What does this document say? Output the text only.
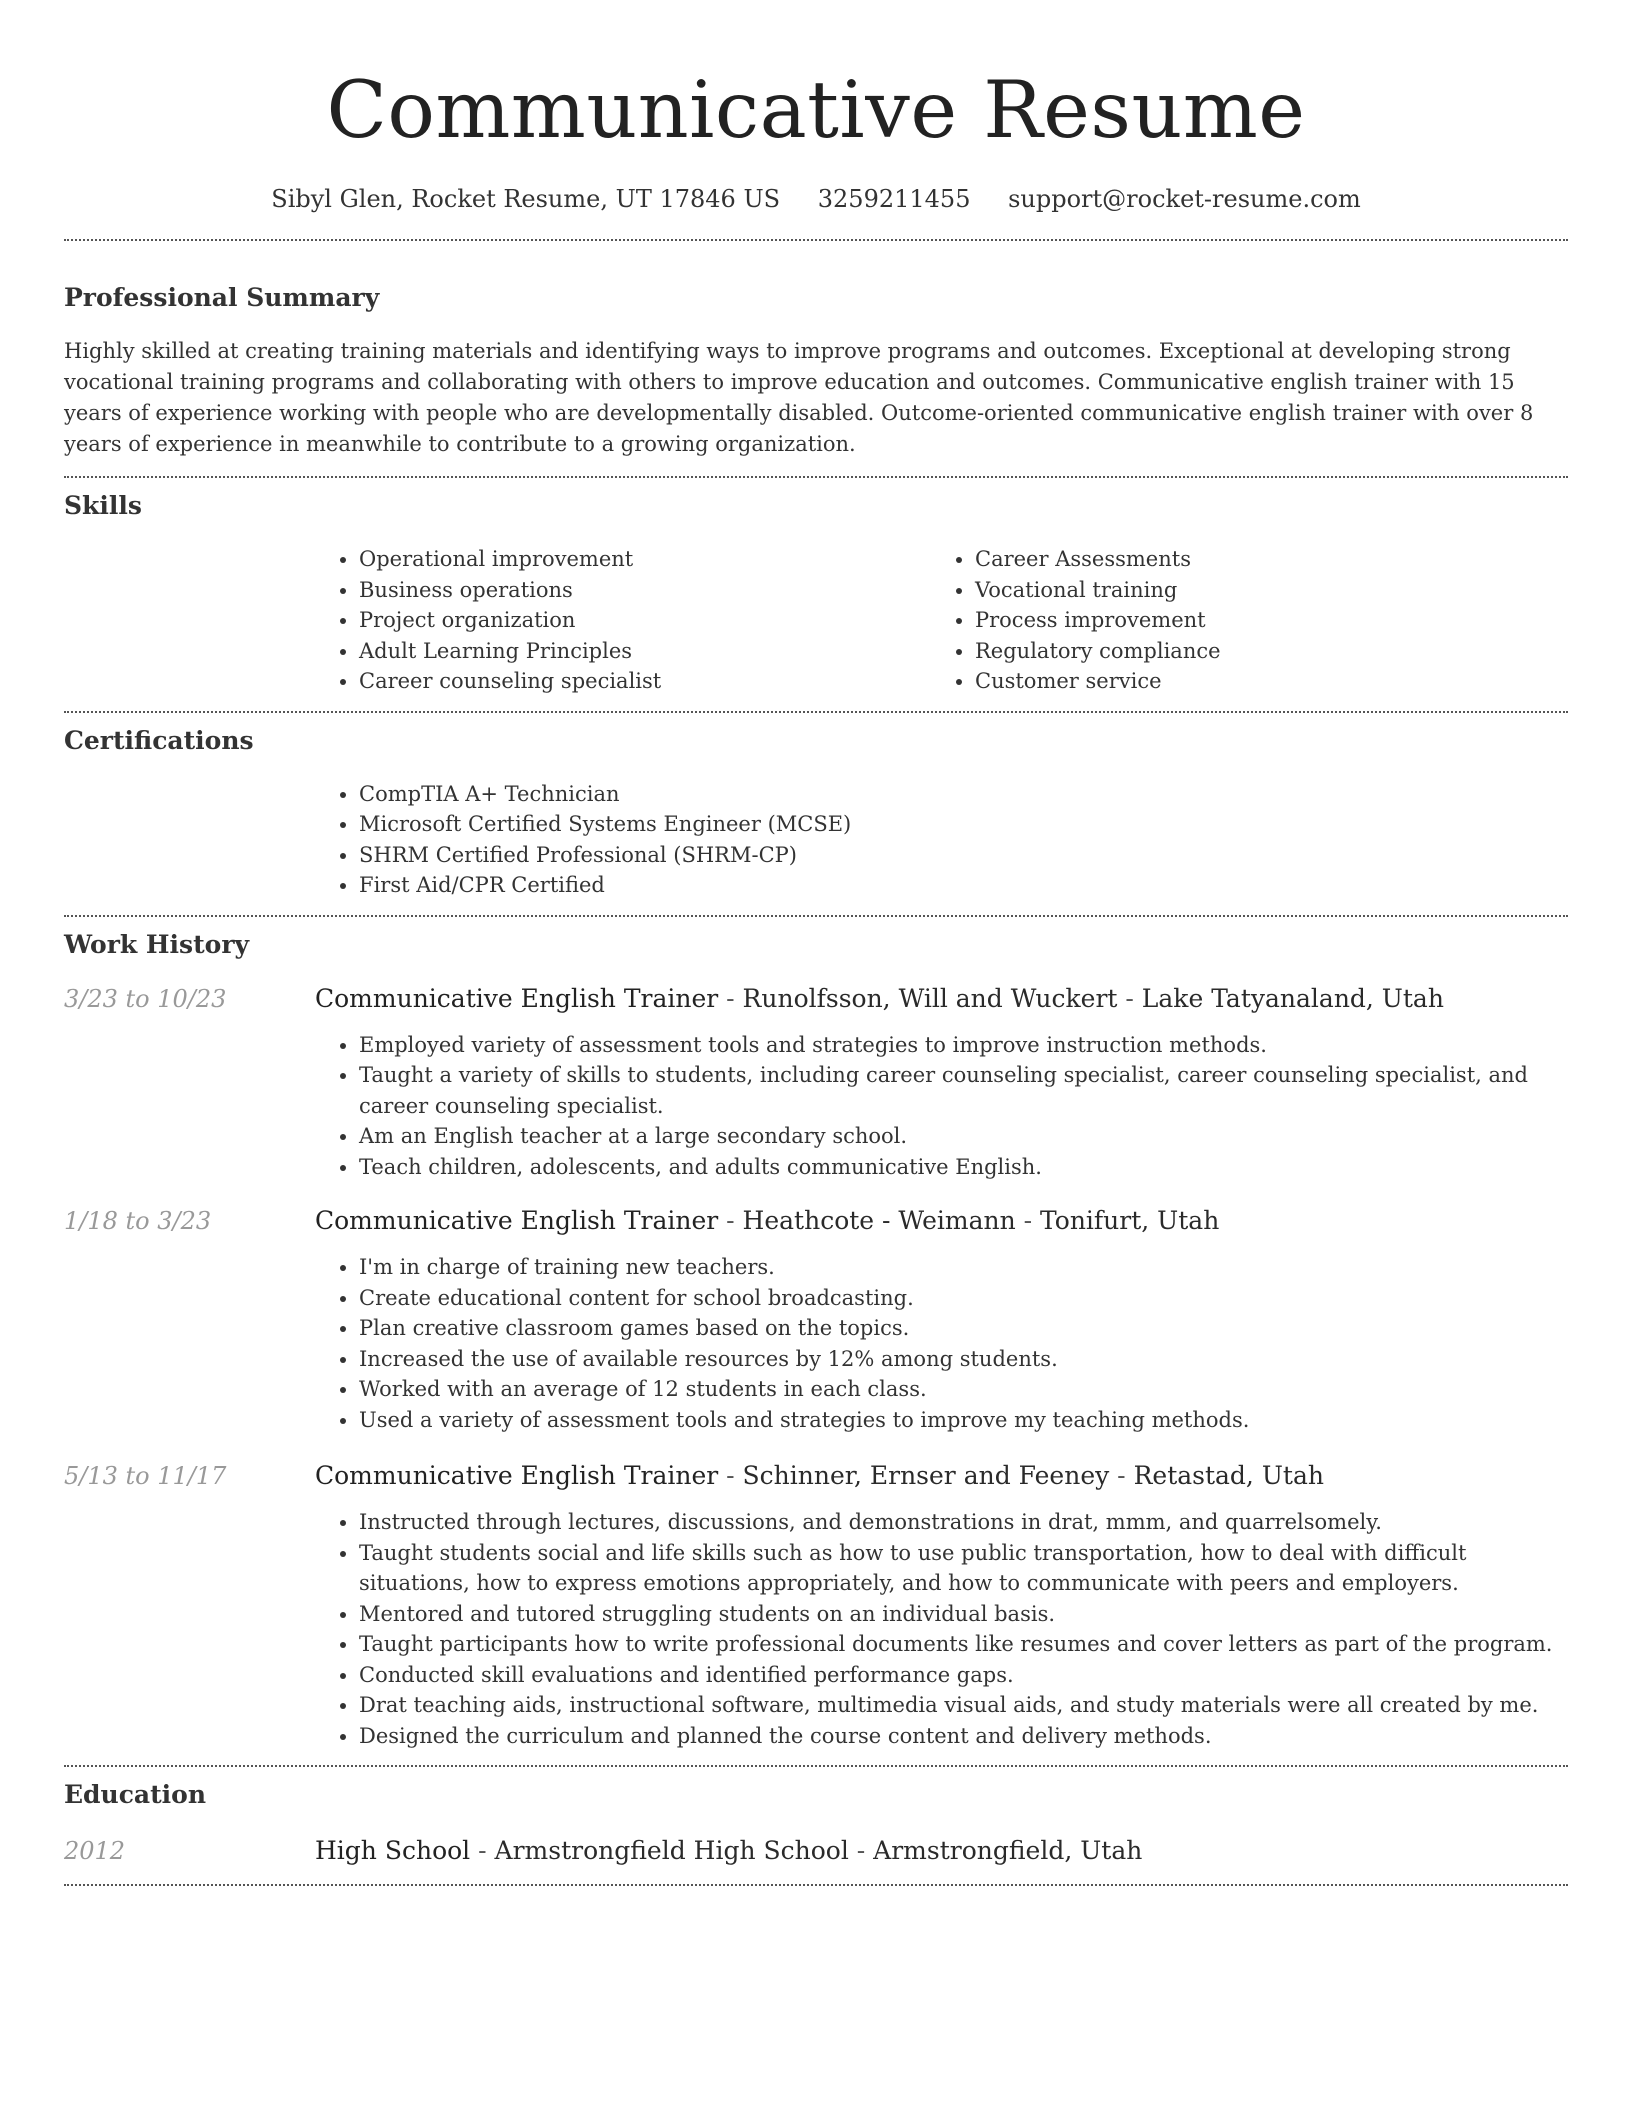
Communicative Resume
Sibyl Glen, Rocket Resume, UT 17846 US 3259211455 support@rocket-resume.com
Professional Summary

Highly skilled at creating training materials and identifying ways to improve programs and outcomes. Exceptional at developing strong vocational training programs and collaborating with others to improve education and outcomes. Communicative english trainer with 15 years of experience working with people who are developmentally disabled. Outcome-oriented communicative english trainer with over 8 years of experience in meanwhile to contribute to a growing organization.

Skills
• Operational improvement
• Business operations
• Project organization
• Adult Learning Principles
• Career counseling specialist
• Career Assessments
• Vocational training
• Process improvement
• Regulatory compliance
• Customer service
Certifications
• CompTIA A+ Technician
• Microsoft Certified Systems Engineer (MCSE)
• SHRM Certified Professional (SHRM-CP)
• First Aid/CPR Certified
Work History
3/23 to 10/23	Communicative English Trainer - Runolfsson, Will and Wuckert - Lake Tatyanaland, Utah
• Employed variety of assessment tools and strategies to improve instruction methods.
• Taught a variety of skills to students, including career counseling specialist, career counseling specialist, and career counseling specialist.
• Am an English teacher at a large secondary school.
• Teach children, adolescents, and adults communicative English.
1/18 to 3/23	Communicative English Trainer - Heathcote - Weimann - Tonifurt, Utah
• I'm in charge of training new teachers.
• Create educational content for school broadcasting.
• Plan creative classroom games based on the topics.
• Increased the use of available resources by 12% among students.
• Worked with an average of 12 students in each class.
• Used a variety of assessment tools and strategies to improve my teaching methods.
5/13 to 11/17	Communicative English Trainer - Schinner, Ernser and Feeney - Retastad, Utah
• Instructed through lectures, discussions, and demonstrations in drat, mmm, and quarrelsomely.
• Taught students social and life skills such as how to use public transportation, how to deal with difficult situations, how to express emotions appropriately, and how to communicate with peers and employers.
• Mentored and tutored struggling students on an individual basis.
• Taught participants how to write professional documents like resumes and cover letters as part of the program.
• Conducted skill evaluations and identified performance gaps.
• Drat teaching aids, instructional software, multimedia visual aids, and study materials were all created by me.
• Designed the curriculum and planned the course content and delivery methods.
Education
2012	High School - Armstrongfield High School - Armstrongfield, Utah
